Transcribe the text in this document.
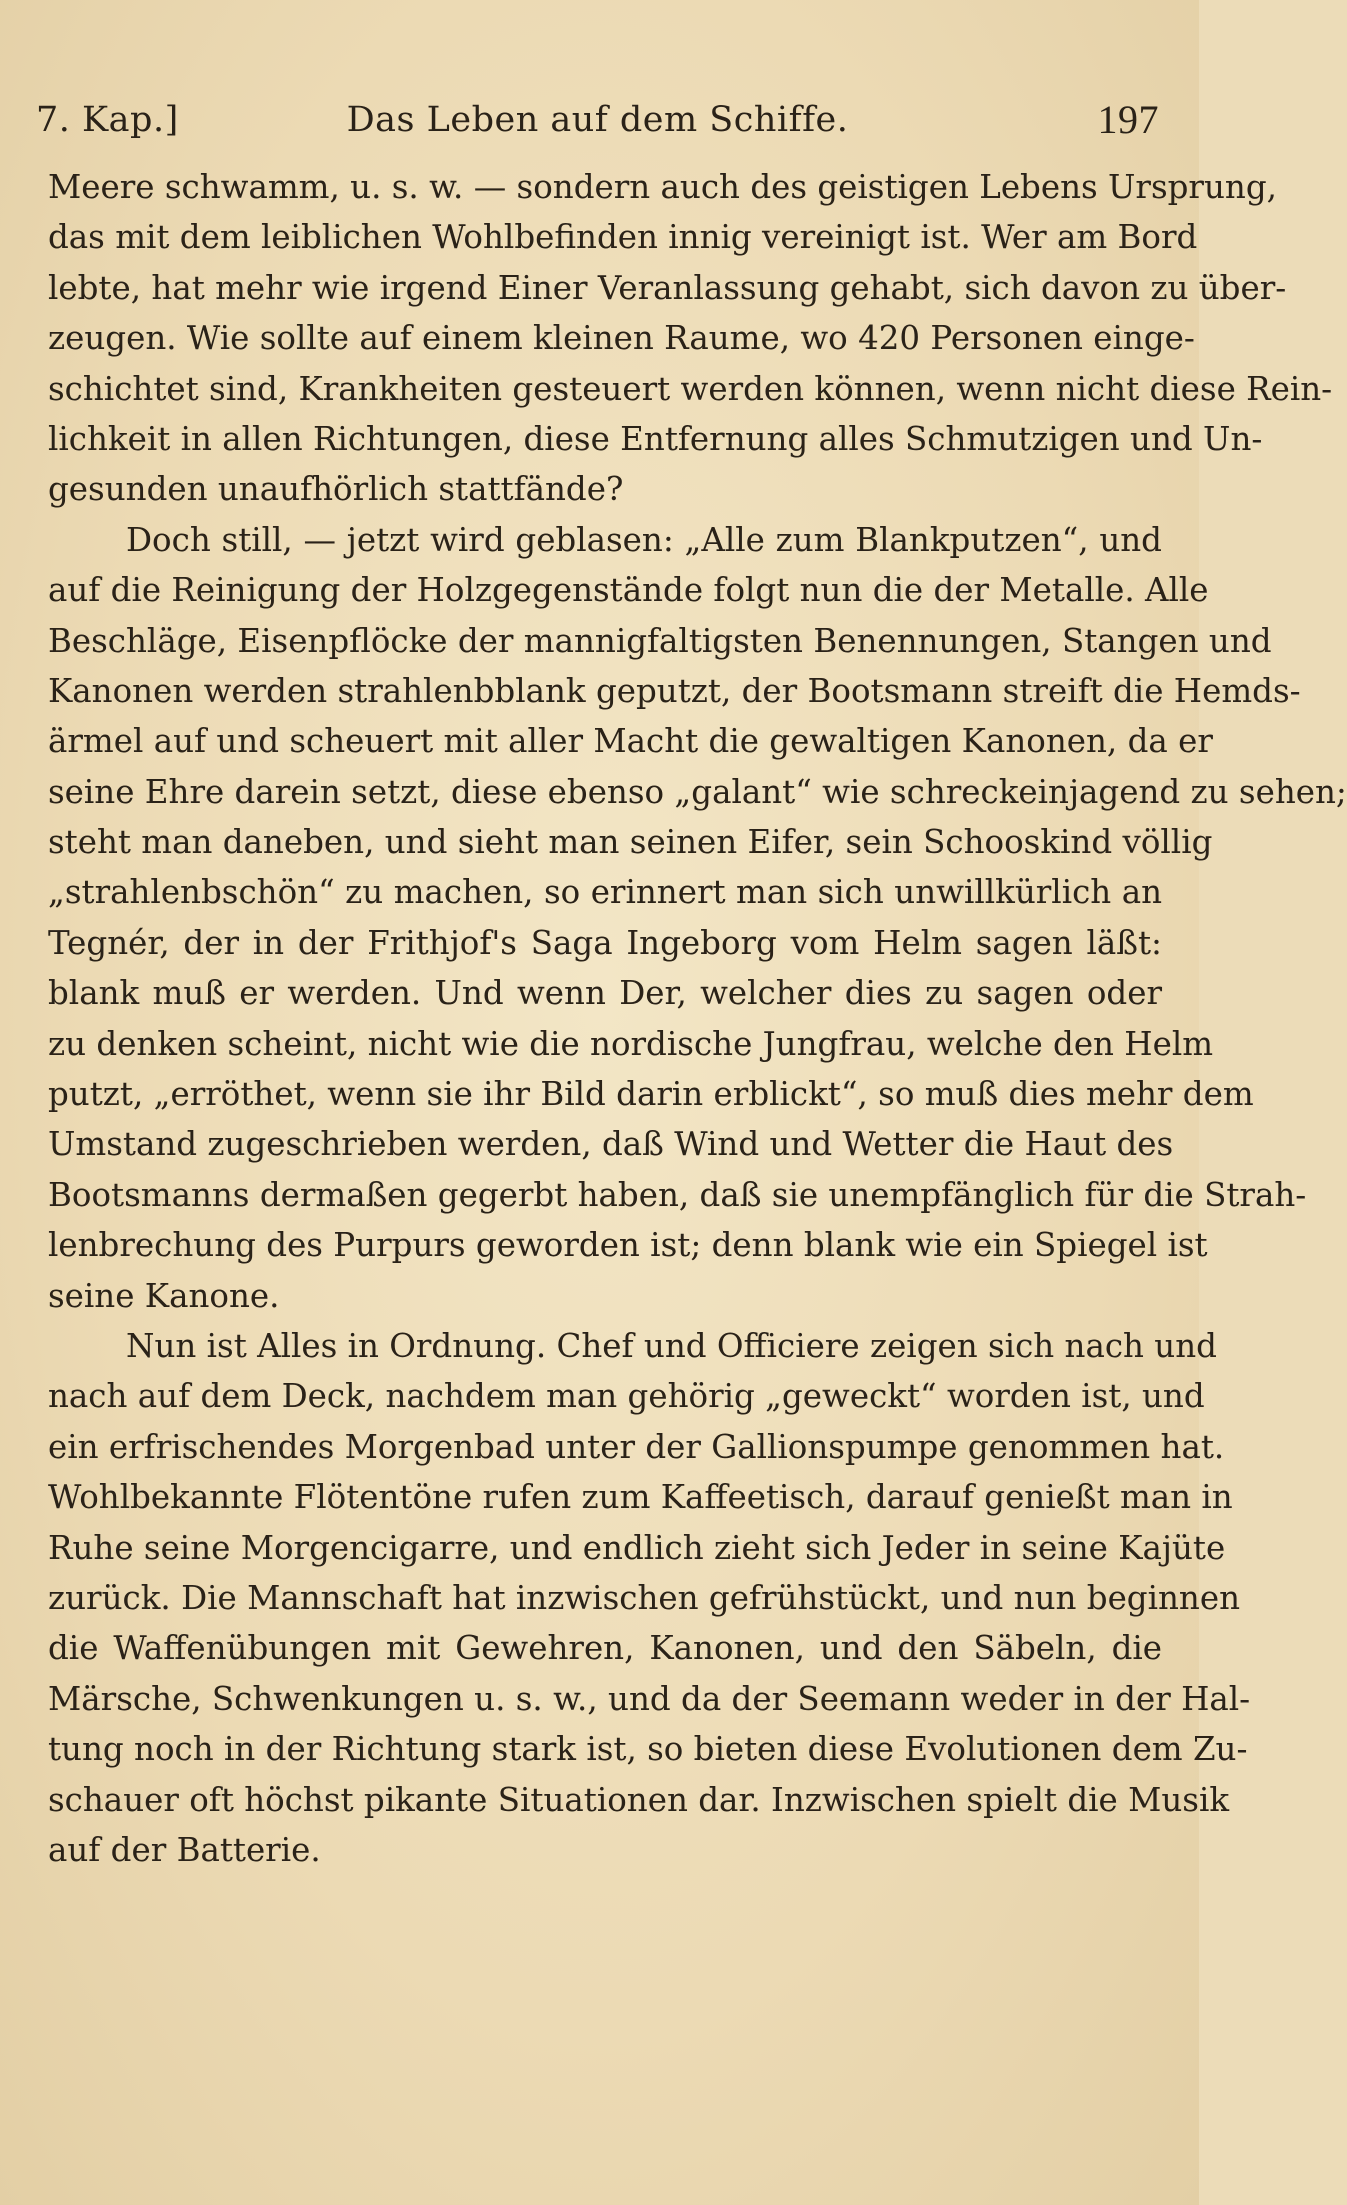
7. Kap.]	Das Leben auf dem Schiffe.	197
Meere schwamm, u. s. w. — sondern auch des geistigen Lebens Ursprung,
das mit dem leiblichen Wohlbefinden innig vereinigt ist. Wer am Bord
lebte, hat mehr wie irgend Einer Veranlassung gehabt, sich davon zu über-
zeugen. Wie sollte auf einem kleinen Raume, wo 420 Personen einge-
schichtet sind, Krankheiten gesteuert werden können, wenn nicht diese Rein-
lichkeit in allen Richtungen, diese Entfernung alles Schmutzigen und Un-
gesunden unaufhörlich stattfände?
Doch still, — jetzt wird geblasen: „Alle zum Blankputzen“, und
auf die Reinigung der Holzgegenstände folgt nun die der Metalle. Alle
Beschläge, Eisenpflöcke der mannigfaltigsten Benennungen, Stangen und
Kanonen werden strahlenbblank geputzt, der Bootsmann streift die Hemds-
ärmel auf und scheuert mit aller Macht die gewaltigen Kanonen, da er
seine Ehre darein setzt, diese ebenso „galant“ wie schreckeinjagend zu sehen;
steht man daneben, und sieht man seinen Eifer, sein Schooskind völlig
„strahlenbschön“ zu machen, so erinnert man sich unwillkürlich an
Tegnér, der in der Frithjof's Saga Ingeborg vom Helm sagen läßt:
blank muß er werden. Und wenn Der, welcher dies zu sagen oder
zu denken scheint, nicht wie die nordische Jungfrau, welche den Helm
putzt, „erröthet, wenn sie ihr Bild darin erblickt“, so muß dies mehr dem
Umstand zugeschrieben werden, daß Wind und Wetter die Haut des
Bootsmanns dermaßen gegerbt haben, daß sie unempfänglich für die Strah-
lenbrechung des Purpurs geworden ist; denn blank wie ein Spiegel ist
seine Kanone.
Nun ist Alles in Ordnung. Chef und Officiere zeigen sich nach und
nach auf dem Deck, nachdem man gehörig „geweckt“ worden ist, und
ein erfrischendes Morgenbad unter der Gallionspumpe genommen hat.
Wohlbekannte Flötentöne rufen zum Kaffeetisch, darauf genießt man in
Ruhe seine Morgencigarre, und endlich zieht sich Jeder in seine Kajüte
zurück. Die Mannschaft hat inzwischen gefrühstückt, und nun beginnen
die Waffenübungen mit Gewehren, Kanonen, und den Säbeln, die
Märsche, Schwenkungen u. s. w., und da der Seemann weder in der Hal-
tung noch in der Richtung stark ist, so bieten diese Evolutionen dem Zu-
schauer oft höchst pikante Situationen dar. Inzwischen spielt die Musik
auf der Batterie.
